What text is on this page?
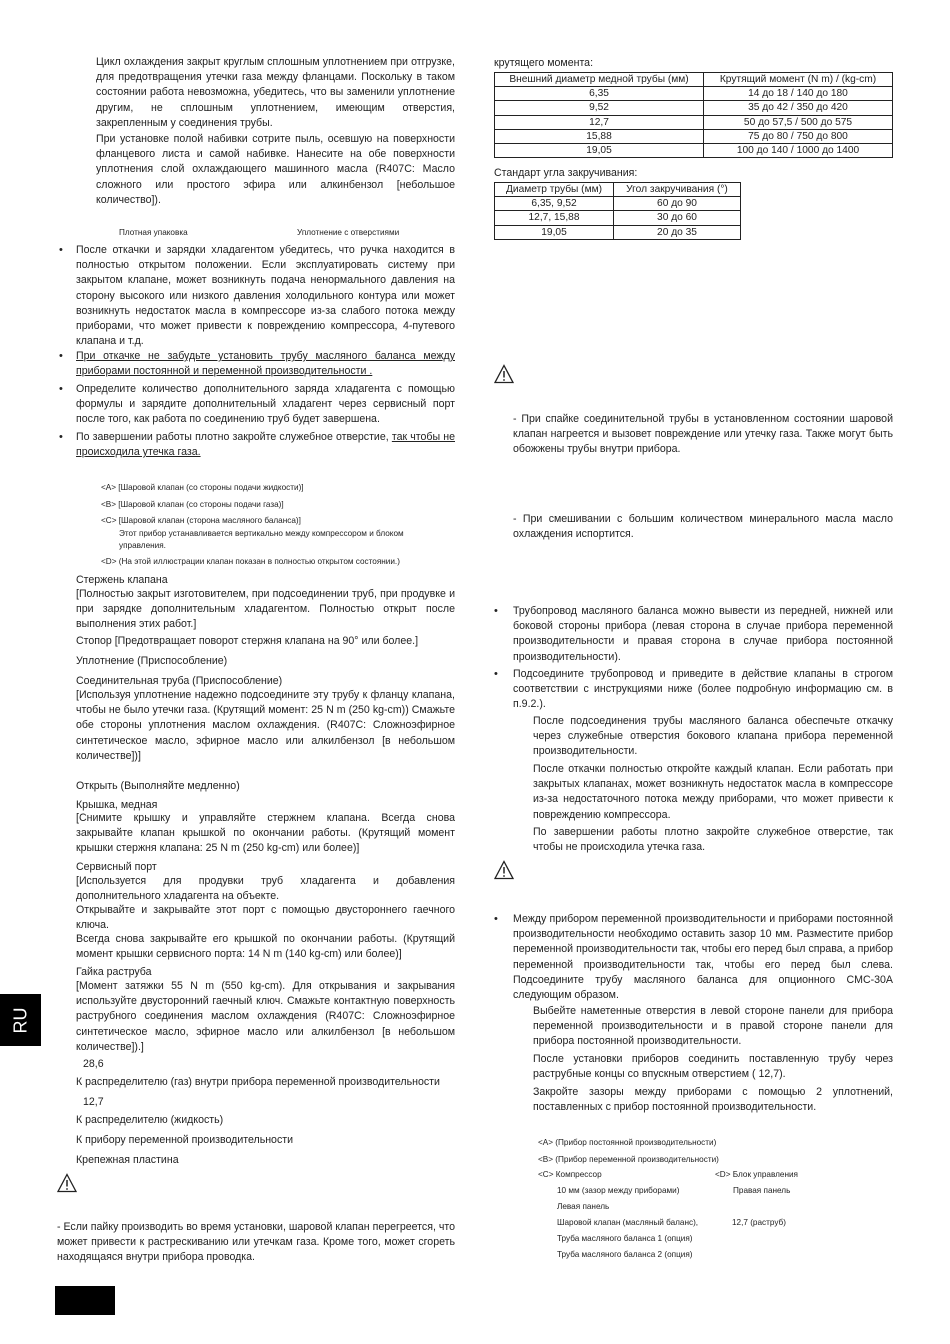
Цикл охлаждения закрыт круглым сплошным уплотнением при отгрузке, для предотвращения утечки газа между фланцами. Поскольку в таком состоянии работа невозможна, убедитесь, что вы заменили уплотнение другим, не сплошным уплотнением, имеющим отверстия, закрепленным у соединения трубы.
При установке полой набивки сотрите пыль, осевшую на поверхности фланцевого листа и самой набивке. Нанесите на обе поверхности уплотнения слой охлаждающего машинного масла (R407C: Масло сложного или простого эфира или алкинбензол [небольшое количество]).
Плотная упаковка	Уплотнение с отверстиями
• После откачки и зарядки хладагентом убедитесь, что ручка находится в полностью открытом положении. Если эксплуатировать систему при закрытом клапане, может возникнуть подача ненормального давления на сторону высокого или низкого давления холодильного контура или может возникнуть недостаток масла в компрессоре из-за слабого потока между приборами, что может привести к повреждению компрессора, 4-путевого клапана и т.д.
• При откачке не забудьте установить трубу масляного баланса между приборами постоянной и переменной производительности .
• Определите количество дополнительного заряда хладагента с помощью формулы и зарядите дополнительный хладагент через сервисный порт после того, как работа по соединению труб будет завершена.
• По завершении работы плотно закройте служебное отверстие, так чтобы не происходила утечка газа.
<A> [Шаровой клапан (со стороны подачи жидкости)]
<B> [Шаровой клапан (со стороны подачи газа)]
<C> [Шаровой клапан (сторона масляного баланса)]
Этот прибор устанавливается вертикально между компрессором и блоком
управления.
<D> (На этой иллюстрации клапан показан в полностью открытом состоянии.)
Стержень клапана
[Полностью закрыт изготовителем, при подсоединении труб, при продувке и при зарядке дополнительным хладагентом. Полностью открыт после выполнения этих работ.]
Стопор [Предотвращает поворот стержня клапана на 90° или более.]
Уплотнение (Приспособление)
Соединительная труба (Приспособление)
[Используя уплотнение надежно подсоедините эту трубу к фланцу клапана, чтобы не было утечки газа. (Крутящий момент: 25 N m (250 kg-cm)) Смажьте обе стороны уплотнения маслом охлаждения. (R407C: Сложноэфирное синтетическое масло, эфирное масло или алкилбензол [в небольшом количестве])]
Открыть (Выполняйте медленно)
Крышка, медная
[Снимите крышку и управляйте стержнем клапана. Всегда снова закрывайте клапан крышкой по окончании работы. (Крутящий момент крышки стержня клапана: 25 N m (250 kg-cm) или более)]
Сервисный порт
[Используется для продувки труб хладагента и добавления дополнительного хладагента на объекте.
Открывайте и закрывайте этот порт с помощью двустороннего гаечного ключа.
Всегда снова закрывайте его крышкой по окончании работы. (Крутящий момент крышки сервисного порта: 14 N m (140 kg-cm) или более)]
Гайка раструба
[Момент затяжки 55 N m (550 kg-cm). Для открывания и закрывания используйте двусторонний гаечный ключ. Смажьте контактную поверхность раструбного соединения маслом охлаждения (R407C: Сложноэфирное синтетическое масло, эфирное масло или алкилбензол [в небольшом количестве]).]
28,6
К распределителю (газ) внутри прибора переменной производительности
12,7
К распределителю (жидкость)
К прибору переменной производительности
Крепежная пластина
- Если пайку производить во время установки, шаровой клапан перегреется, что может привести к растрескиванию или утечкам газа. Кроме того, может сгореть находящаяся внутри прибора проводка.
RU
крутящего момента:
Внешний диаметр медной трубы (мм)	Крутящий момент (N m) / (kg-cm)
6,35	14 до 18 / 140 до 180
9,52	35 до 42 / 350 до 420
12,7	50 до 57,5 / 500 до 575
15,88	75 до 80 / 750 до 800
19,05	100 до 140 / 1000 до 1400
Стандарт угла закручивания:
Диаметр трубы (мм)	Угол закручивания (°)
6,35, 9,52	60 до 90
12,7, 15,88	30 до 60
19,05	20 до 35
- При спайке соединительной трубы в установленном состоянии шаровой клапан нагреется и вызовет повреждение или утечку газа. Также могут быть обожжены трубы внутри прибора.
- При смешивании с большим количеством минерального масла масло охлаждения испортится.
• Трубопровод масляного баланса можно вывести из передней, нижней или боковой стороны прибора (левая сторона в случае прибора переменной производительности и правая сторона в случае прибора постоянной производительности).
• Подсоедините трубопровод и приведите в действие клапаны в строгом соответствии с инструкциями ниже (более подробную информацию см. в п.9.2.).
После подсоединения трубы масляного баланса обеспечьте откачку через служебные отверстия бокового клапана прибора переменной производительности.
После откачки полностью откройте каждый клапан. Если работать при закрытых клапанах, может возникнуть недостаток масла в компрессоре из-за недостаточного потока между приборами, что может привести к повреждению компрессора.
По завершении работы плотно закройте служебное отверстие, так чтобы не происходила утечка газа.
• Между прибором переменной производительности и приборами постоянной производительности необходимо оставить зазор 10 мм. Разместите прибор переменной производительности так, чтобы его перед был справа, а прибор переменной производительности так, чтобы его перед был слева. Подсоедините трубу масляного баланса для опционного CMC-30A следующим образом.
Выбейте наметенные отверстия в левой стороне панели для прибора переменной производительности и в правой стороне панели для прибора постоянной производительности.
После установки приборов соединить поставленную трубу через раструбные концы со впускным отверстием ( 12,7).
Закройте зазоры между приборами с помощью 2 уплотнений, поставленных с прибор постоянной производительности.
<A> (Прибор постоянной производительности)
<B> (Прибор переменной производительности)
<C> Компрессор	<D> Блок управления
10 мм (зазор между приборами)	Правая панель
Левая панель
Шаровой клапан (масляный баланс),	12,7 (раструб)
Труба масляного баланса 1 (опция)
Труба масляного баланса 2 (опция)
